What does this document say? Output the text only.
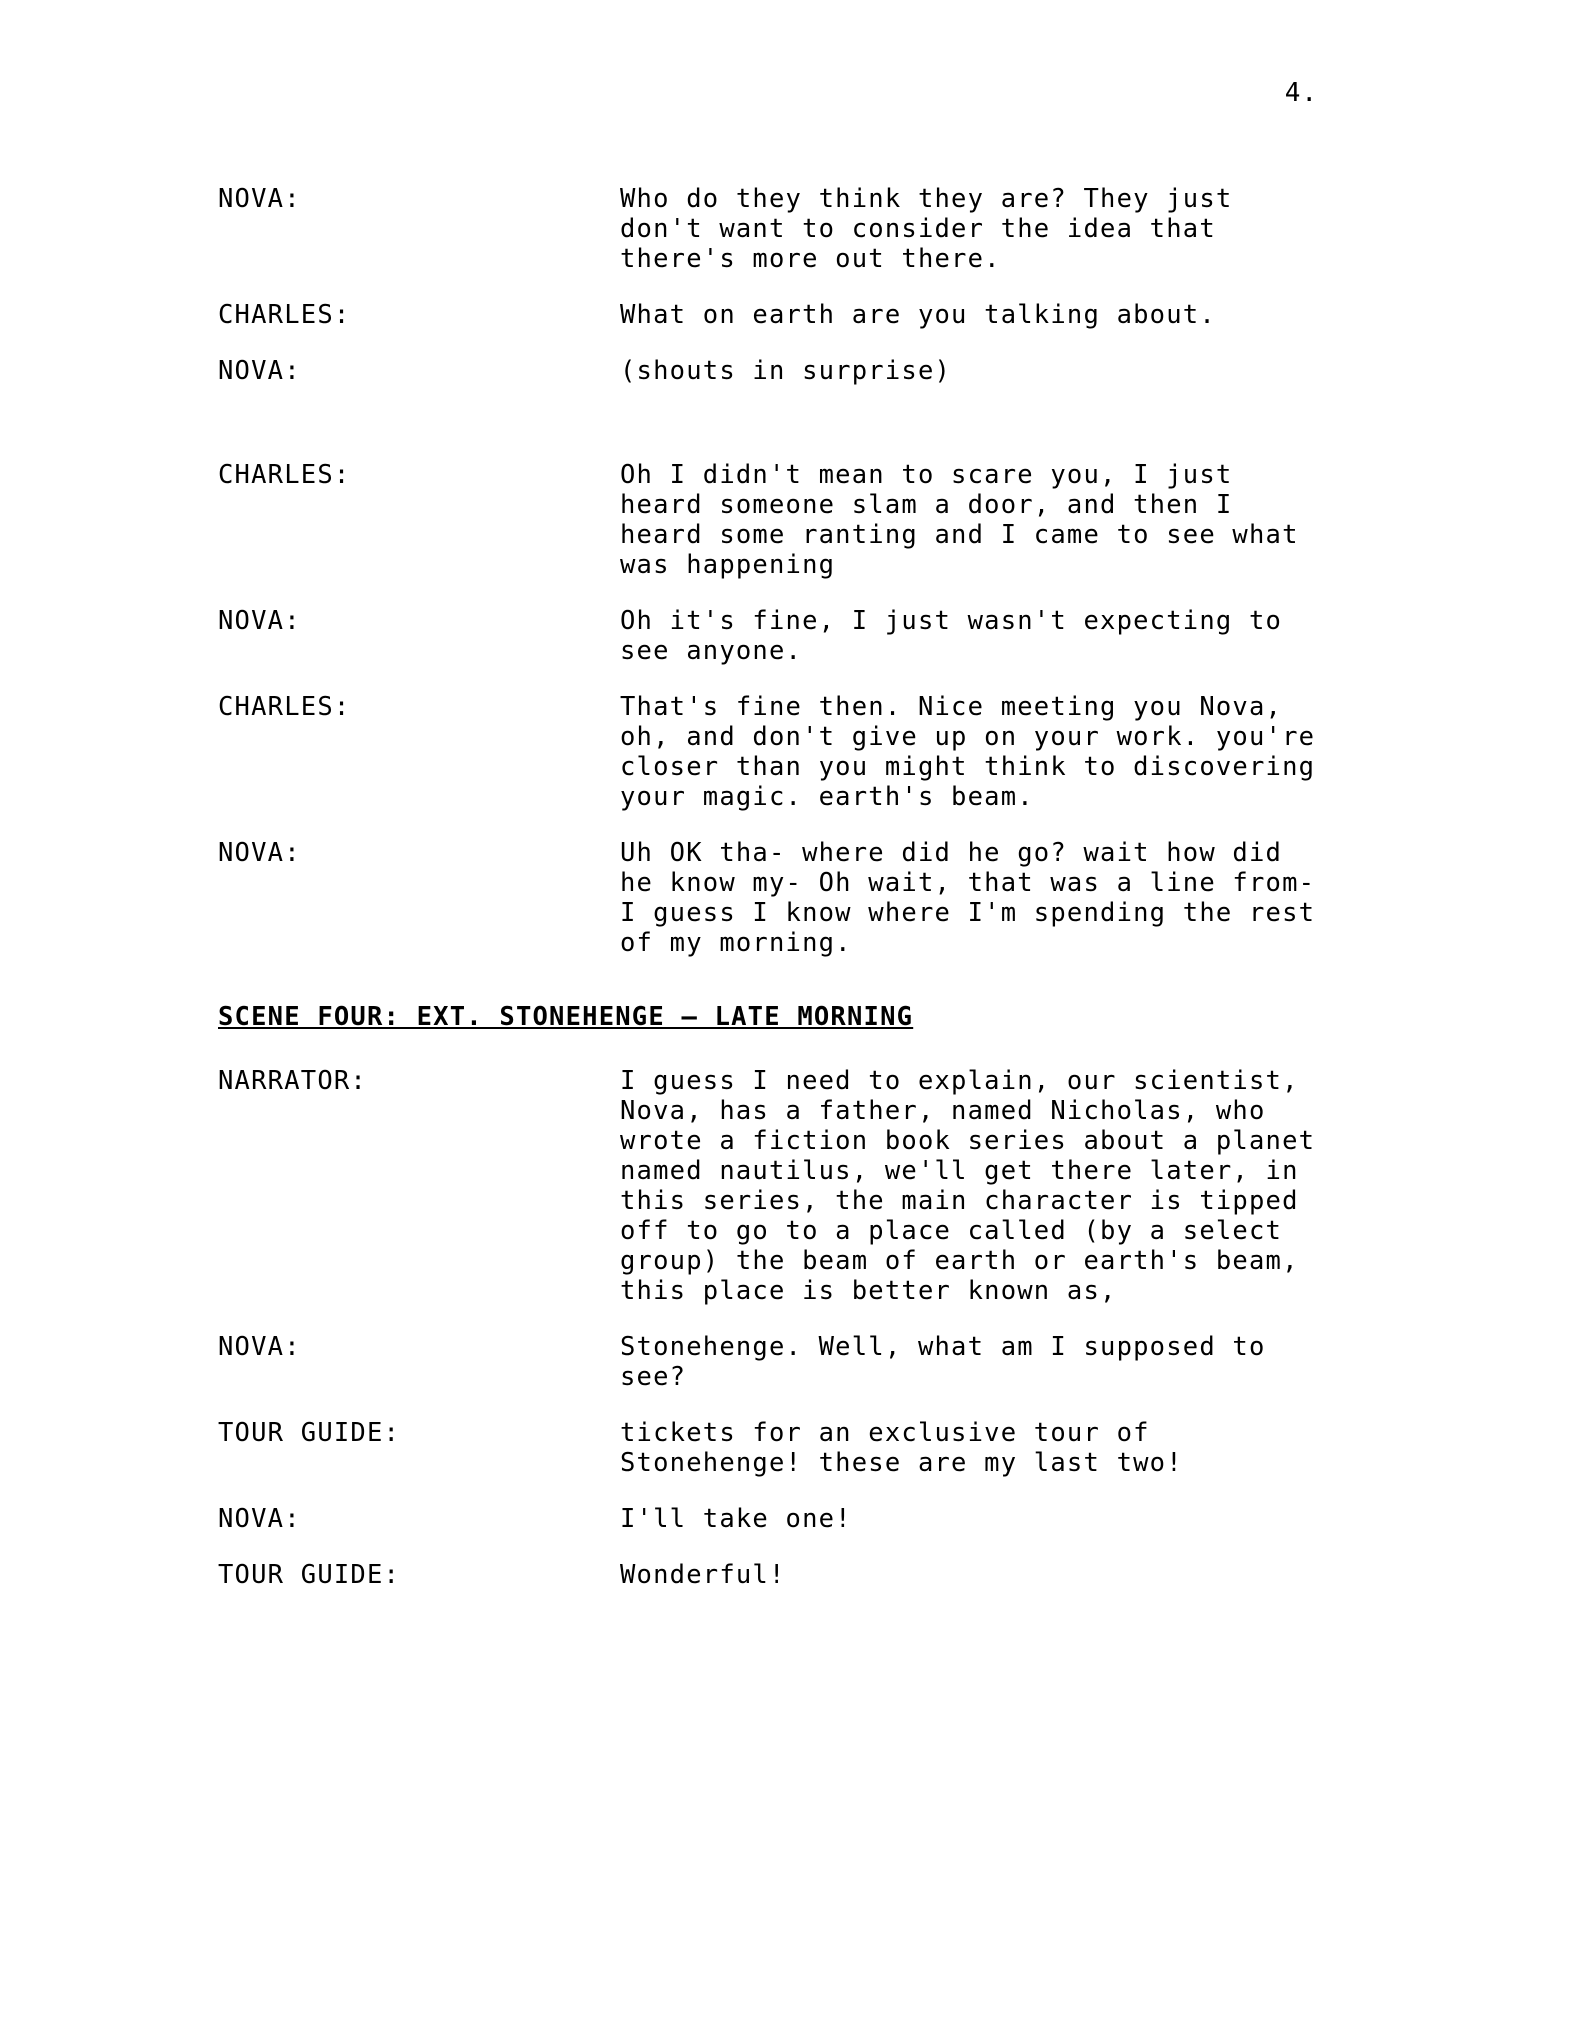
4.
NOVA:	Who do they think they are? They just don't want to consider the idea that there's more out there.
CHARLES:	What on earth are you talking about.
NOVA:	(shouts in surprise)
CHARLES:	Oh I didn't mean to scare you, I just heard someone slam a door, and then I heard some ranting and I came to see what was happening
NOVA:	Oh it's fine, I just wasn't expecting to see anyone.
CHARLES:	That's fine then. Nice meeting you Nova, oh, and don't give up on your work. you're closer than you might think to discovering your magic. earth's beam.
NOVA:	Uh OK tha- where did he go? wait how did he know my- Oh wait, that was a line from- I guess I know where I'm spending the rest of my morning.
SCENE FOUR: EXT. STONEHENGE – LATE MORNING
NARRATOR:	I guess I need to explain, our scientist, Nova, has a father, named Nicholas, who wrote a fiction book series about a planet named nautilus, we'll get there later, in this series, the main character is tipped off to go to a place called (by a select group) the beam of earth or earth's beam, this place is better known as,
NOVA:	Stonehenge. Well, what am I supposed to see?
TOUR GUIDE:	tickets for an exclusive tour of Stonehenge! these are my last two!
NOVA:	I'll take one!
TOUR GUIDE:	Wonderful!
